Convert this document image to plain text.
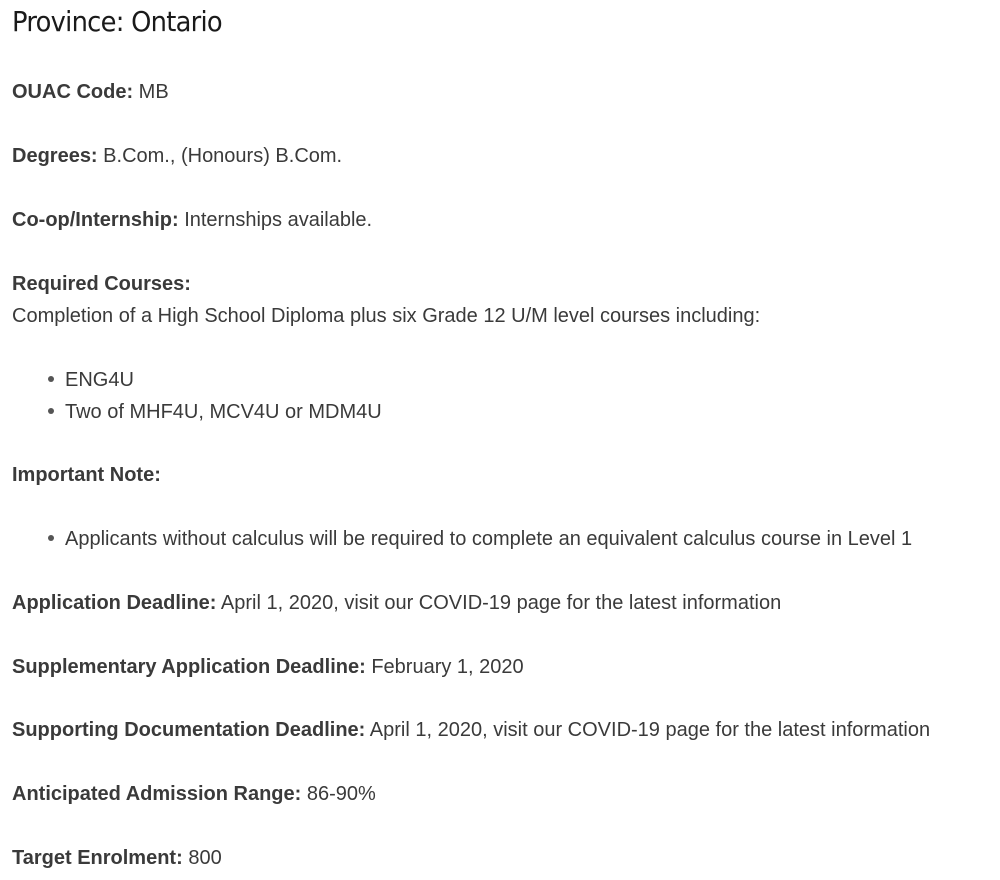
Province: Ontario

OUAC Code: MB

Degrees: B.Com., (Honours) B.Com.

Co-op/Internship: Internships available.

Required Courses:

Completion of a High School Diploma plus six Grade 12 U/M level courses including:

ENG4U

Two of MHF4U, MCV4U or MDM4U

Important Note:

Applicants without calculus will be required to complete an equivalent calculus course in Level 1

Application Deadline: April 1, 2020, visit our COVID-19 page for the latest information

Supplementary Application Deadline: February 1, 2020

Supporting Documentation Deadline: April 1, 2020, visit our COVID-19 page for the latest information

Anticipated Admission Range: 86-90%

Target Enrolment: 800
